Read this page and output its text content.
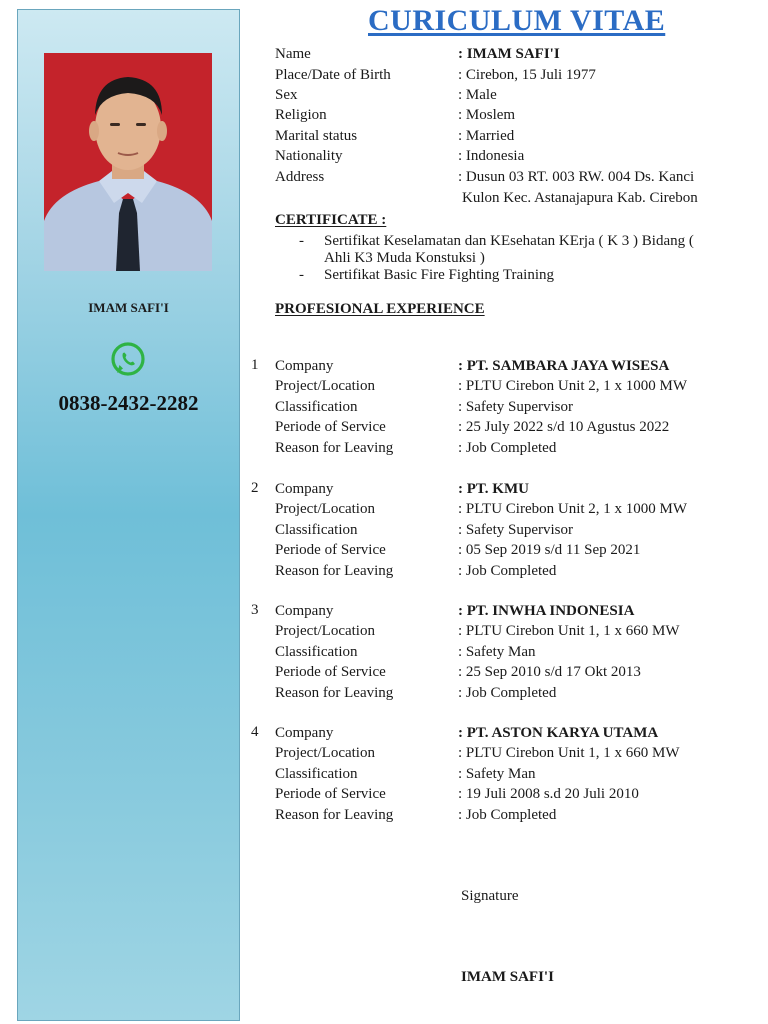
IMAM SAFI'I
0838-2432-2282
CURICULUM VITAE
Name	: IMAM SAFI'I
Place/Date of Birth	: Cirebon, 15 Juli 1977
Sex	: Male
Religion	: Moslem
Marital status	: Married
Nationality	: Indonesia
Address	: Dusun 03 RT. 003 RW. 004 Ds. Kanci
Kulon Kec. Astanajapura Kab. Cirebon
CERTIFICATE :
- Sertifikat Keselamatan dan KEsehatan KErja ( K 3 ) Bidang (
Ahli K3 Muda Konstuksi )
- Sertifikat Basic Fire Fighting Training
PROFESIONAL EXPERIENCE
1 Company	: PT. SAMBARA JAYA WISESA
Project/Location	: PLTU Cirebon Unit 2, 1 x 1000 MW
Classification	: Safety Supervisor
Periode of Service	: 25 July 2022 s/d 10 Agustus 2022
Reason for Leaving	: Job Completed
2 Company	: PT. KMU
Project/Location	: PLTU Cirebon Unit 2, 1 x 1000 MW
Classification	: Safety Supervisor
Periode of Service	: 05 Sep 2019 s/d 11 Sep 2021
Reason for Leaving	: Job Completed
3 Company	: PT. INWHA INDONESIA
Project/Location	: PLTU Cirebon Unit 1, 1 x 660 MW
Classification	: Safety Man
Periode of Service	: 25 Sep 2010 s/d 17 Okt 2013
Reason for Leaving	: Job Completed
4 Company	: PT. ASTON KARYA UTAMA
Project/Location	: PLTU Cirebon Unit 1, 1 x 660 MW
Classification	: Safety Man
Periode of Service	: 19 Juli 2008 s.d 20 Juli 2010
Reason for Leaving	: Job Completed
Signature
IMAM SAFI'I
